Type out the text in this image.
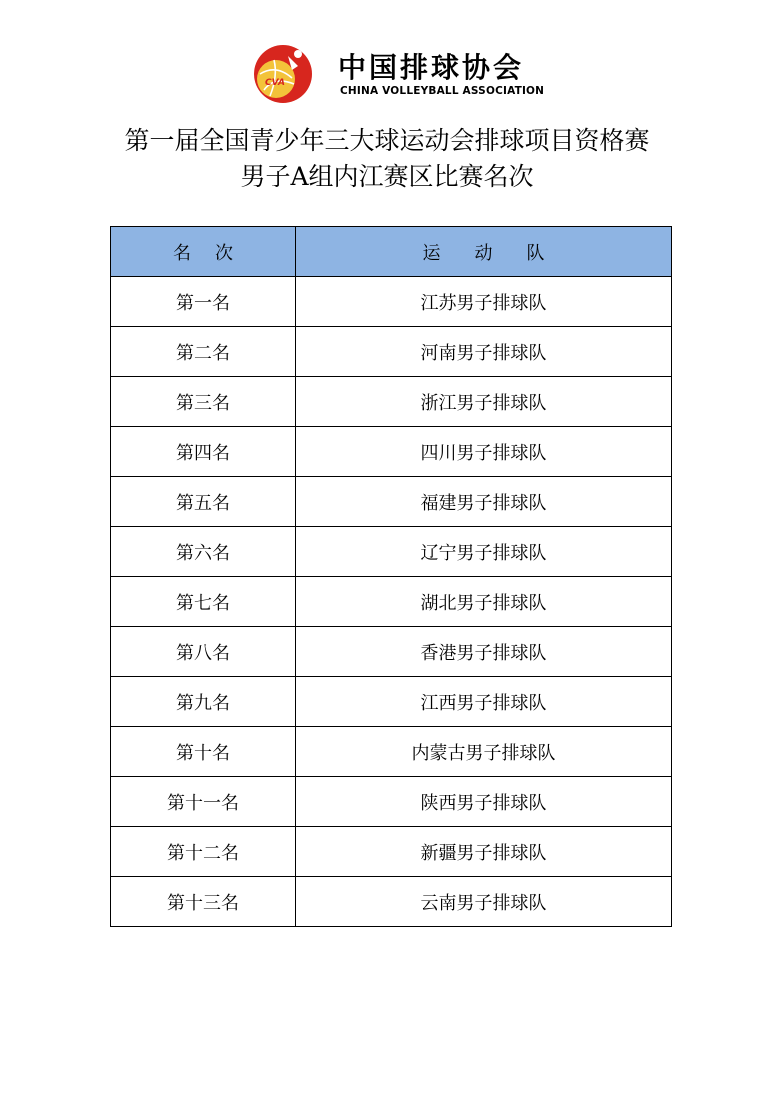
CVA 中国排球协会
CHINA VOLLEYBALL ASSOCIATION
第一届全国青少年三大球运动会排球项目资格赛
男子A组内江赛区比赛名次
名次	运动队
第一名	江苏男子排球队
第二名	河南男子排球队
第三名	浙江男子排球队
第四名	四川男子排球队
第五名	福建男子排球队
第六名	辽宁男子排球队
第七名	湖北男子排球队
第八名	香港男子排球队
第九名	江西男子排球队
第十名	内蒙古男子排球队
第十一名	陕西男子排球队
第十二名	新疆男子排球队
第十三名	云南男子排球队
